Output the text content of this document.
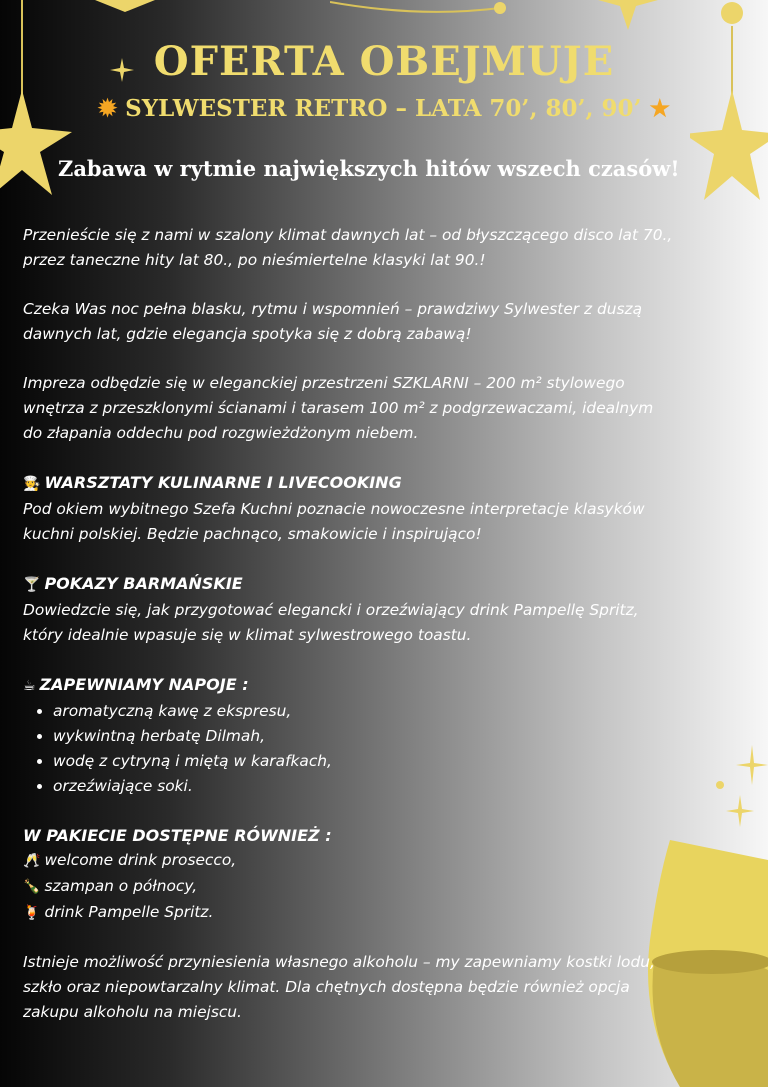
OFERTA OBEJMUJE
✹ SYLWESTER RETRO – LATA 70’, 80’, 90’ ★
Zabawa w rytmie największych hitów wszech czasów!

Przenieście się z nami w szalony klimat dawnych lat – od błyszczącego disco lat 70., przez taneczne hity lat 80., po nieśmiertelne klasyki lat 90.!

Czeka Was noc pełna blasku, rytmu i wspomnień – prawdziwy Sylwester z duszą dawnych lat, gdzie elegancja spotyka się z dobrą zabawą!

Impreza odbędzie się w eleganckiej przestrzeni SZKLARNI – 200 m² stylowego wnętrza z przeszklonymi ścianami i tarasem 100 m² z podgrzewaczami, idealnym do złapania oddechu pod rozgwieżdżonym niebem.

🧑‍🍳 WARSZTATY KULINARNE I LIVECOOKING

Pod okiem wybitnego Szefa Kuchni poznacie nowoczesne interpretacje klasyków kuchni polskiej. Będzie pachnąco, smakowicie i inspirująco!

🍸 POKAZY BARMAŃSKIE

Dowiedzcie się, jak przygotować elegancki i orzeźwiający drink Pampellę Spritz, który idealnie wpasuje się w klimat sylwestrowego toastu.

☕ ZAPEWNIAMY NAPOJE :
• aromatyczną kawę z ekspresu,
• wykwintną herbatę Dilmah,
• wodę z cytryną i miętą w karafkach,
• orzeźwiające soki.
W PAKIECIE DOSTĘPNE RÓWNIEŻ :

🥂 welcome drink prosecco,

🍾 szampan o północy,

🍹 drink Pampelle Spritz.

Istnieje możliwość przyniesienia własnego alkoholu – my zapewniamy kostki lodu, szkło oraz niepowtarzalny klimat. Dla chętnych dostępna będzie również opcja zakupu alkoholu na miejscu.
